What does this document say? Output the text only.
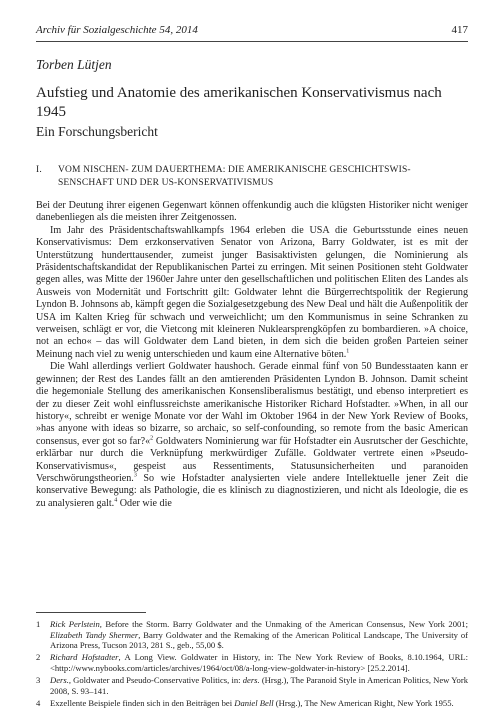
Archiv für Sozialgeschichte 54, 2014	417
Torben Lütjen
Aufstieg und Anatomie des amerikanischen Konservativismus nach 1945
Ein Forschungsbericht
I.	VOM NISCHEN- ZUM DAUERTHEMA: DIE AMERIKANISCHE GESCHICHTSWIS-
SENSCHAFT UND DER US-KONSERVATIVISMUS

Bei der Deutung ihrer eigenen Gegenwart können offenkundig auch die klügsten Historiker nicht weniger danebenliegen als die meisten ihrer Zeitgenossen.

Im Jahr des Präsidentschaftswahlkampfs 1964 erleben die USA die Geburtsstunde eines neuen Konservativismus: Dem erzkonservativen Senator von Arizona, Barry Goldwater, ist es mit der Unterstützung hunderttausender, zumeist junger Basisaktivisten gelungen, die Nominierung als Präsidentschaftskandidat der Republikanischen Partei zu erringen. Mit seinen Positionen steht Goldwater gegen alles, was Mitte der 1960er Jahre unter den gesellschaftlichen und politischen Eliten des Landes als Ausweis von Modernität und Fortschritt gilt: Goldwater lehnt die Bürgerrechtspolitik der Regierung Lyndon B. Johnsons ab, kämpft gegen die Sozialgesetzgebung des New Deal und hält die Außenpolitik der USA im Kalten Krieg für schwach und verweichlicht; um den Kommunismus in seine Schranken zu verweisen, schlägt er vor, die Vietcong mit kleineren Nuklearsprengköpfen zu bombardieren. »A choice, not an echo« – das will Goldwater dem Land bieten, in dem sich die beiden großen Parteien seiner Meinung nach viel zu wenig unterschieden und kaum eine Alternative böten.$^1$

Die Wahl allerdings verliert Goldwater haushoch. Gerade einmal fünf von 50 Bundesstaaten kann er gewinnen; der Rest des Landes fällt an den amtierenden Präsidenten Lyndon B. Johnson. Damit scheint die hegemoniale Stellung des amerikanischen Konsensliberalismus bestätigt, und ebenso interpretiert es der zu dieser Zeit wohl einflussreichste amerikanische Historiker Richard Hofstadter. »When, in all our history«, schreibt er wenige Monate vor der Wahl im Oktober 1964 in der New York Review of Books, »has anyone with ideas so bizarre, so archaic, so self-confounding, so remote from the basic American consensus, ever got so far?«$^2$ Goldwaters Nominierung war für Hofstadter ein Ausrutscher der Geschichte, erklärbar nur durch die Verknüpfung merkwürdiger Zufälle. Goldwater vertrete einen »Pseudo-Konservativismus«, gespeist aus Ressentiments, Statusunsicherheiten und paranoiden Verschwörungstheorien.$^3$ So wie Hofstadter analysierten viele andere Intellektuelle jener Zeit die konservative Bewegung: als Pathologie, die es klinisch zu diagnostizieren, und nicht als Ideologie, die es zu analysieren galt.$^4$ Oder wie die

1	Rick Perlstein, Before the Storm. Barry Goldwater and the Unmaking of the American Consensus, New York 2001; Elizabeth Tandy Shermer, Barry Goldwater and the Remaking of the American Political Landscape, The University of Arizona Press, Tucson 2013, 281 S., geb., 55,00 $.
2	Richard Hofstadter, A Long View. Goldwater in History, in: The New York Review of Books, 8.10.1964, URL: <http://www.nybooks.com/articles/archives/1964/oct/08/a-long-view-goldwater-in-history> [25.2.2014].
3	Ders., Goldwater and Pseudo-Conservative Politics, in: ders. (Hrsg.), The Paranoid Style in American Politics, New York 2008, S. 93–141.
4	Exzellente Beispiele finden sich in den Beiträgen bei Daniel Bell (Hrsg.), The New American Right, New York 1955.
